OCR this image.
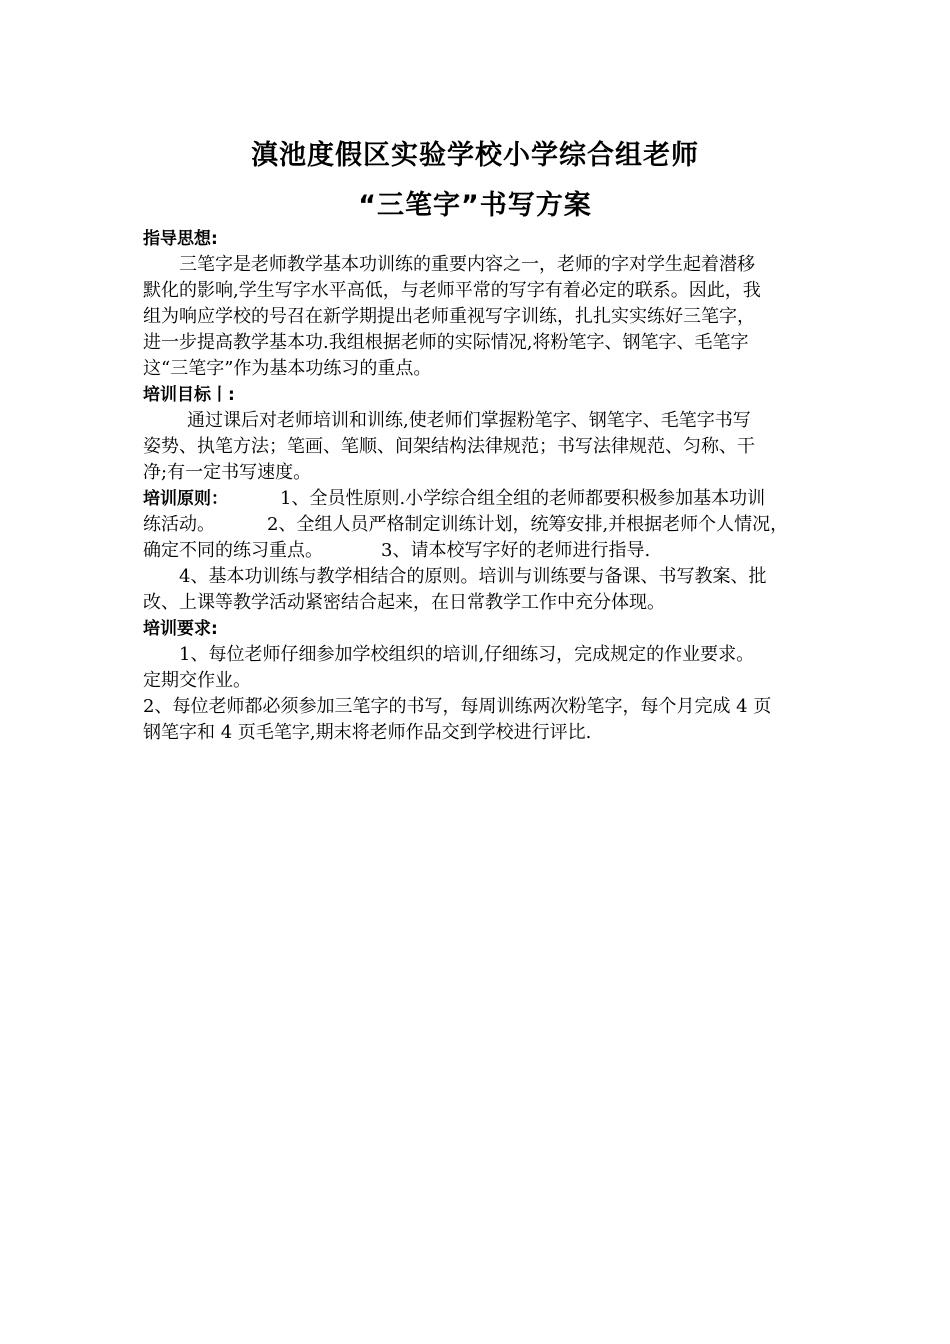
滇池度假区实验学校小学综合组老师
“三笔字”书写方案
指导思想:
三笔字是老师教学基本功训练的重要内容之一，老师的字对学生起着潜移
默化的影响,学生写字水平高低，与老师平常的写字有着必定的联系。因此，我
组为响应学校的号召在新学期提出老师重视写字训练，扎扎实实练好三笔字，
进一步提高教学基本功.我组根据老师的实际情况,将粉笔字、钢笔字、毛笔字
这“三笔字”作为基本功练习的重点。
培训目标丨:
通过课后对老师培训和训练,使老师们掌握粉笔字、钢笔字、毛笔字书写
姿势、执笔方法；笔画、笔顺、间架结构法律规范；书写法律规范、匀称、干
净;有一定书写速度。
培训原则：	1、全员性原则.小学综合组全组的老师都要积极参加基本功训
练活动。	2、全组人员严格制定训练计划，统筹安排,并根据老师个人情况，
确定不同的练习重点。	3、请本校写字好的老师进行指导.
4、基本功训练与教学相结合的原则。培训与训练要与备课、书写教案、批
改、上课等教学活动紧密结合起来，在日常教学工作中充分体现。
培训要求:
1、每位老师仔细参加学校组织的培训,仔细练习，完成规定的作业要求。
定期交作业。
2、每位老师都必须参加三笔字的书写，每周训练两次粉笔字，每个月完成 4 页
钢笔字和 4 页毛笔字,期末将老师作品交到学校进行评比.
